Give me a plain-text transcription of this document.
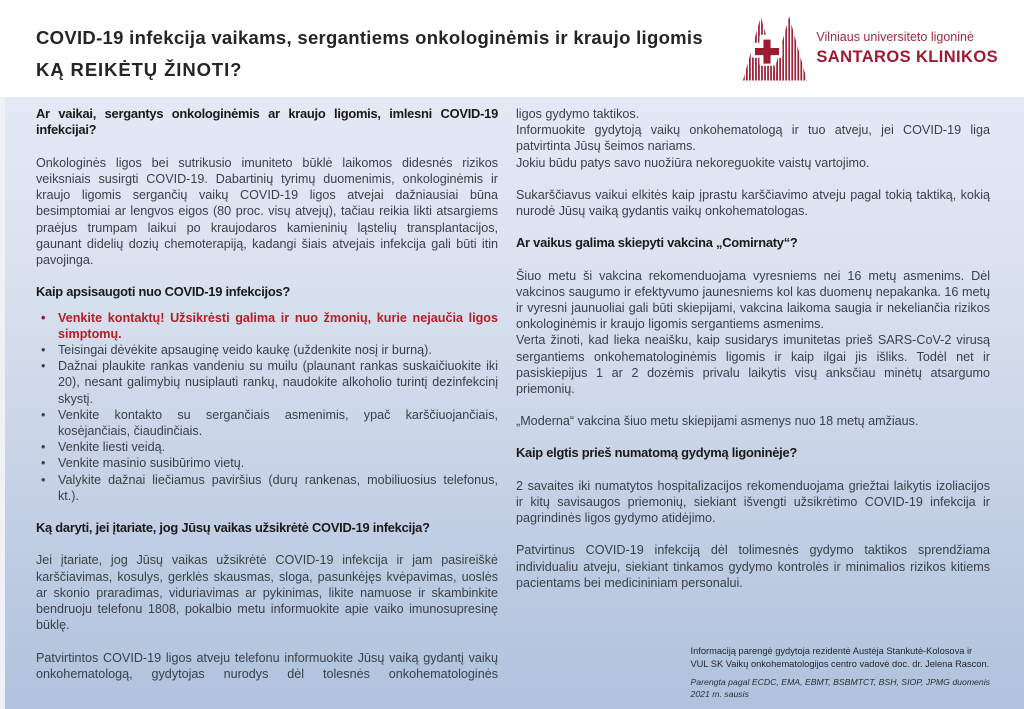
COVID-19 infekcija vaikams, sergantiems onkologinėmis ir kraujo ligomis
KĄ REIKĖTŲ ŽINOTI?
Vilniaus universiteto ligoninė
SANTAROS KLINIKOS
Ar vaikai, sergantys onkologinėmis ar kraujo ligomis, imlesni COVID-19 infekcijai?

Onkologinės ligos bei sutrikusio imuniteto būklė laikomos didesnės rizikos veiksniais susirgti COVID-19. Dabartinių tyrimų duomenimis, onkologinėmis ir kraujo ligomis sergančių vaikų COVID-19 ligos atvejai dažniausiai būna besimptomiai ar lengvos eigos (80 proc. visų atvejų), tačiau reikia likti atsargiems praėjus trumpam laikui po kraujodaros kamieninių ląstelių transplantacijos, gaunant didelių dozių chemoterapiją, kadangi šiais atvejais infekcija gali būti itin pavojinga.

Kaip apsisaugoti nuo COVID-19 infekcijos?
• Venkite kontaktų! Užsikrėsti galima ir nuo žmonių, kurie nejaučia ligos simptomų.
• Teisingai dėvėkite apsauginę veido kaukę (uždenkite nosį ir burną).
• Dažnai plaukite rankas vandeniu su muilu (plaunant rankas suskaičiuokite iki 20), nesant galimybių nusiplauti rankų, naudokite alkoholio turintį dezinfekcinį skystį.
• Venkite kontakto su sergančiais asmenimis, ypač karščiuojančiais, kosėjančiais, čiaudinčiais.
• Venkite liesti veidą.
• Venkite masinio susibūrimo vietų.
• Valykite dažnai liečiamus paviršius (durų rankenas, mobiliuosius telefonus, kt.).
Ką daryti, jei įtariate, jog Jūsų vaikas užsikrėtė COVID-19 infekcija?

Jei įtariate, jog Jūsų vaikas užsikrėtė COVID-19 infekcija ir jam pasireiškė karščiavimas, kosulys, gerklės skausmas, sloga, pasunkėjęs kvėpavimas, uoslės ar skonio praradimas, viduriavimas ar pykinimas, likite namuose ir skambinkite bendruoju telefonu 1808, pokalbio metu informuokite apie vaiko imunosupresinę būklę.

Patvirtintos COVID-19 ligos atveju telefonu informuokite Jūsų vaiką gydantį vaikų onkohematologą, gydytojas nurodys dėl tolesnės onkohematologinės

ligos gydymo taktikos.

Informuokite gydytoją vaikų onkohematologą ir tuo atveju, jei COVID-19 liga patvirtinta Jūsų šeimos nariams.

Jokiu būdu patys savo nuožiūra nekoreguokite vaistų vartojimo.

Sukarščiavus vaikui elkitės kaip įprastu karščiavimo atveju pagal tokią taktiką, kokią nurodė Jūsų vaiką gydantis vaikų onkohematologas.

Ar vaikus galima skiepyti vakcina „Comirnaty“?

Šiuo metu ši vakcina rekomenduojama vyresniems nei 16 metų asmenims. Dėl vakcinos saugumo ir efektyvumo jaunesniems kol kas duomenų nepakanka. 16 metų ir vyresni jaunuoliai gali būti skiepijami, vakcina laikoma saugia ir nekeliančia rizikos onkologinėmis ir kraujo ligomis sergantiems asmenims.

Verta žinoti, kad lieka neaišku, kaip susidarys imunitetas prieš SARS-CoV-2 virusą sergantiems onkohematologinėmis ligomis ir kaip ilgai jis išliks. Todėl net ir pasiskiepijus 1 ar 2 dozėmis privalu laikytis visų anksčiau minėtų atsargumo priemonių.

„Moderna“ vakcina šiuo metu skiepijami asmenys nuo 18 metų amžiaus.

Kaip elgtis prieš numatomą gydymą ligoninėje?

2 savaites iki numatytos hospitalizacijos rekomenduojama griežtai laikytis izoliacijos ir kitų savisaugos priemonių, siekiant išvengti užsikrėtimo COVID-19 infekcija ir pagrindinės ligos gydymo atidėjimo.

Patvirtinus COVID-19 infekciją dėl tolimesnės gydymo taktikos sprendžiama individualiu atveju, siekiant tinkamos gydymo kontrolės ir minimalios rizikos kitiems pacientams bei medicininiam personalui.

Informaciją parengė gydytoja rezidentė Austėja Stankutė-Kolosova ir

VUL SK Vaikų onkohematologijos centro vadovė doc. dr. Jelena Rascon.

Parengta pagal ECDC, EMA, EBMT, BSBMTCT, BSH, SIOP, JPMG duomenis

2021 m. sausis
